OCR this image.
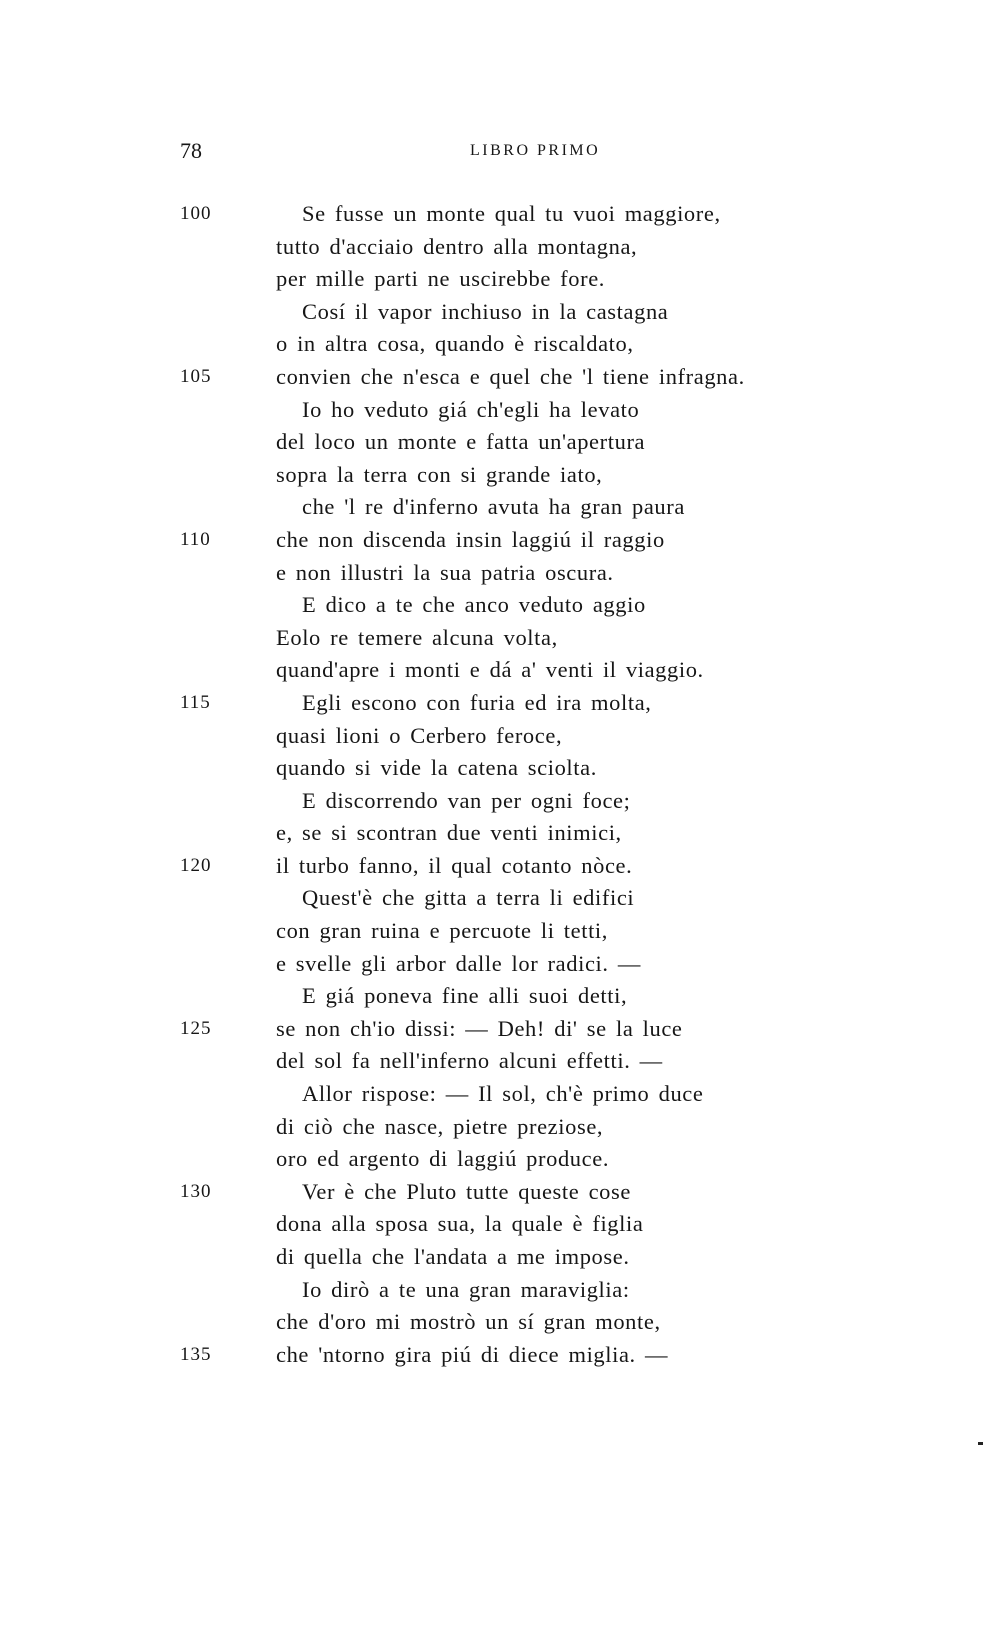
78	LIBRO PRIMO
100	Se fusse un monte qual tu vuoi maggiore,
tutto d'acciaio dentro alla montagna,
per mille parti ne uscirebbe fore.
Cosí il vapor inchiuso in la castagna
o in altra cosa, quando è riscaldato,
105	convien che n'esca e quel che 'l tiene infragna.
Io ho veduto giá ch'egli ha levato
del loco un monte e fatta un'apertura
sopra la terra con si grande iato,
che 'l re d'inferno avuta ha gran paura
110	che non discenda insin laggiú il raggio
e non illustri la sua patria oscura.
E dico a te che anco veduto aggio
Eolo re temere alcuna volta,
quand'apre i monti e dá a' venti il viaggio.
115	Egli escono con furia ed ira molta,
quasi lioni o Cerbero feroce,
quando si vide la catena sciolta.
E discorrendo van per ogni foce;
e, se si scontran due venti inimici,
120	il turbo fanno, il qual cotanto nòce.
Quest'è che gitta a terra li edifici
con gran ruina e percuote li tetti,
e svelle gli arbor dalle lor radici. —
E giá poneva fine alli suoi detti,
125	se non ch'io dissi: — Deh! di' se la luce
del sol fa nell'inferno alcuni effetti. —
Allor rispose: — Il sol, ch'è primo duce
di ciò che nasce, pietre preziose,
oro ed argento di laggiú produce.
130	Ver è che Pluto tutte queste cose
dona alla sposa sua, la quale è figlia
di quella che l'andata a me impose.
Io dirò a te una gran maraviglia:
che d'oro mi mostrò un sí gran monte,
135	che 'ntorno gira piú di diece miglia. —
